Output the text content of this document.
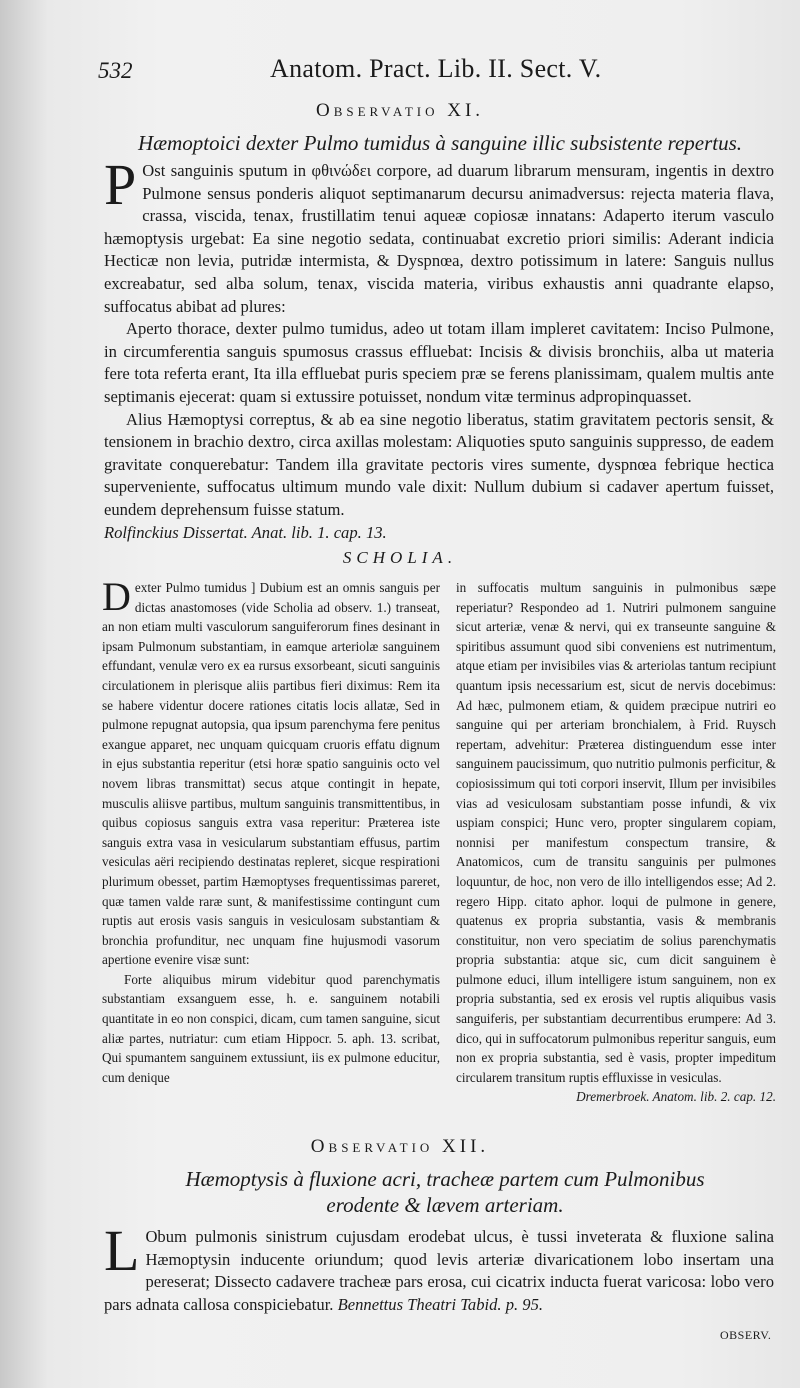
532	Anatom. Pract. Lib. II. Sect. V.
Observatio XI.
Hæmoptoici dexter Pulmo tumidus à sanguine illic subsistente repertus.

P Ost sanguinis sputum in φθινώδει corpore, ad duarum librarum mensuram, ingentis in dextro Pulmone sensus ponderis aliquot septimanarum decursu animadversus: rejecta materia flava, crassa, viscida, tenax, frustillatim tenui aqueæ copiosæ innatans: Adaperto iterum vasculo hæmoptysis urgebat: Ea sine negotio sedata, continuabat excretio priori similis: Aderant indicia Hecticæ non levia, putridæ intermista, & Dyspnœa, dextro potissimum in latere: Sanguis nullus excreabatur, sed alba solum, tenax, viscida materia, viribus exhaustis anni quadrante elapso, suffocatus abibat ad plures:

Aperto thorace, dexter pulmo tumidus, adeo ut totam illam impleret cavitatem: Inciso Pulmone, in circumferentia sanguis spumosus crassus effluebat: Incisis & divisis bronchiis, alba ut materia fere tota referta erant, Ita illa effluebat puris speciem præ se ferens planissimam, qualem multis ante septimanis ejecerat: quam si extussire potuisset, nondum vitæ terminus adpropinquasset.

Alius Hæmoptysi correptus, & ab ea sine negotio liberatus, statim gravitatem pectoris sensit, & tensionem in brachio dextro, circa axillas molestam: Aliquoties sputo sanguinis suppresso, de eadem gravitate conquerebatur: Tandem illa gravitate pectoris vires sumente, dyspnœa febrique hectica superveniente, suffocatus ultimum mundo vale dixit: Nullum dubium si cadaver apertum fuisset, eundem deprehensum fuisse statum.

Rolfinckius Dissertat. Anat. lib. 1. cap. 13.

SCHOLIA.

Dexter Pulmo tumidus ] Dubium est an omnis sanguis per dictas anastomoses (vide Scholia ad observ. 1.) transeat, an non etiam multi vasculorum sanguiferorum fines desinant in ipsam Pulmonum substantiam, in eamque arteriolæ sanguinem effundant, venulæ vero ex ea rursus exsorbeant, sicuti sanguinis circulationem in plerisque aliis partibus fieri diximus: Rem ita se habere videntur docere rationes citatis locis allatæ, Sed in pulmone repugnat autopsia, qua ipsum parenchyma fere penitus exangue apparet, nec unquam quicquam cruoris effatu dignum in ejus substantia reperitur (etsi horæ spatio sanguinis octo vel novem libras transmittat) secus atque contingit in hepate, musculis aliisve partibus, multum sanguinis transmittentibus, in quibus copiosus sanguis extra vasa reperitur: Præterea iste sanguis extra vasa in vesicularum substantiam effusus, partim vesiculas aëri recipiendo destinatas repleret, sicque respirationi plurimum obesset, partim Hæmoptyses frequentissimas pareret, quæ tamen valde raræ sunt, & manifestissime contingunt cum ruptis aut erosis vasis sanguis in vesiculosam substantiam & bronchia profunditur, nec unquam fine hujusmodi vasorum apertione evenire visæ sunt:

Forte aliquibus mirum videbitur quod parenchymatis substantiam exsanguem esse, h. e. sanguinem notabili quantitate in eo non conspici, dicam, cum tamen sanguine, sicut aliæ partes, nutriatur: cum etiam Hippocr. 5. aph. 13. scribat, Qui spumantem sanguinem extussiunt, iis ex pulmone educitur, cum denique

in suffocatis multum sanguinis in pulmonibus sæpe reperiatur? Respondeo ad 1. Nutriri pulmonem sanguine sicut arteriæ, venæ & nervi, qui ex transeunte sanguine & spiritibus assumunt quod sibi conveniens est nutrimentum, atque etiam per invisibiles vias & arteriolas tantum recipiunt quantum ipsis necessarium est, sicut de nervis docebimus: Ad hæc, pulmonem etiam, & quidem præcipue nutriri eo sanguine qui per arteriam bronchialem, à Frid. Ruysch repertam, advehitur: Præterea distinguendum esse inter sanguinem paucissimum, quo nutritio pulmonis perficitur, & copiosissimum qui toti corpori inservit, Illum per invisibiles vias ad vesiculosam substantiam posse infundi, & vix uspiam conspici; Hunc vero, propter singularem copiam, nonnisi per manifestum conspectum transire, & Anatomicos, cum de transitu sanguinis per pulmones loquuntur, de hoc, non vero de illo intelligendos esse; Ad 2. regero Hipp. citato aphor. loqui de pulmone in genere, quatenus ex propria substantia, vasis & membranis constituitur, non vero speciatim de solius parenchymatis propria substantia: atque sic, cum dicit sanguinem è pulmone educi, illum intelligere istum sanguinem, non ex propria substantia, sed ex erosis vel ruptis aliquibus vasis sanguiferis, per substantiam decurrentibus erumpere: Ad 3. dico, qui in suffocatorum pulmonibus reperitur sanguis, eum non ex propria substantia, sed è vasis, propter impeditum circularem transitum ruptis effluxisse in vesiculas.

Dremerbroek. Anatom. lib. 2. cap. 12.

Observatio XII.
Hæmoptysis à fluxione acri, tracheæ partem cum Pulmonibus erodente & lævem arteriam.

L Obum pulmonis sinistrum cujusdam erodebat ulcus, è tussi inveterata & fluxione salina Hæmoptysin inducente oriundum; quod levis arteriæ divaricationem lobo insertam una pereserat; Dissecto cadavere tracheæ pars erosa, cui cicatrix inducta fuerat varicosa: lobo vero pars adnata callosa conspiciebatur. Bennettus Theatri Tabid. p. 95.

OBSERV.
